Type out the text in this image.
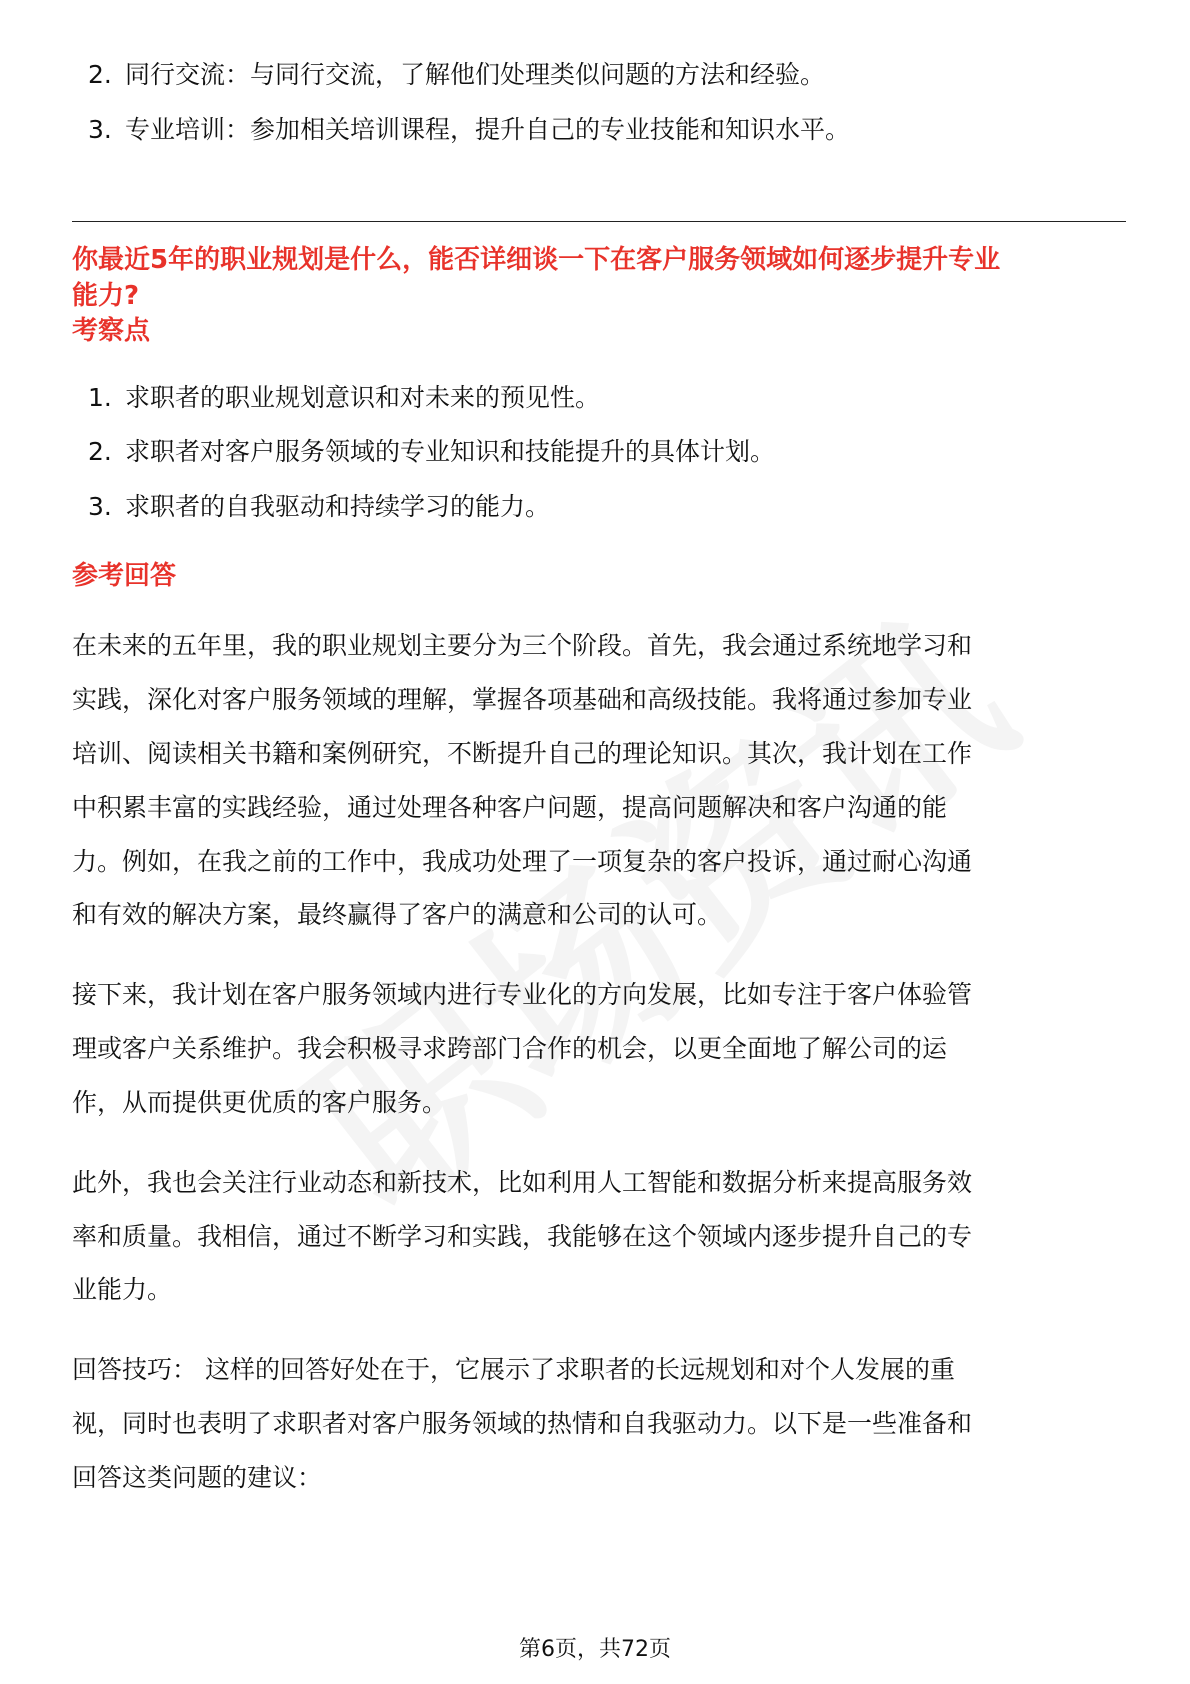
2. 同行交流：与同行交流，了解他们处理类似问题的方法和经验。
3. 专业培训：参加相关培训课程，提升自己的专业技能和知识水平。
你最近5年的职业规划是什么，能否详细谈一下在客户服务领域如何逐步提升专业
能力?
考察点
1. 求职者的职业规划意识和对未来的预见性。
2. 求职者对客户服务领域的专业知识和技能提升的具体计划。
3. 求职者的自我驱动和持续学习的能力。
参考回答
在未来的五年里，我的职业规划主要分为三个阶段。首先，我会通过系统地学习和
实践，深化对客户服务领域的理解，掌握各项基础和高级技能。我将通过参加专业
培训、阅读相关书籍和案例研究，不断提升自己的理论知识。其次，我计划在工作
中积累丰富的实践经验，通过处理各种客户问题，提高问题解决和客户沟通的能
力。例如，在我之前的工作中，我成功处理了一项复杂的客户投诉，通过耐心沟通
和有效的解决方案，最终赢得了客户的满意和公司的认可。
接下来，我计划在客户服务领域内进行专业化的方向发展，比如专注于客户体验管
理或客户关系维护。我会积极寻求跨部门合作的机会，以更全面地了解公司的运
作，从而提供更优质的客户服务。
此外，我也会关注行业动态和新技术，比如利用人工智能和数据分析来提高服务效
率和质量。我相信，通过不断学习和实践，我能够在这个领域内逐步提升自己的专
业能力。
回答技巧： 这样的回答好处在于，它展示了求职者的长远规划和对个人发展的重
视，同时也表明了求职者对客户服务领域的热情和自我驱动力。以下是一些准备和
回答这类问题的建议：
第6页，共72页
